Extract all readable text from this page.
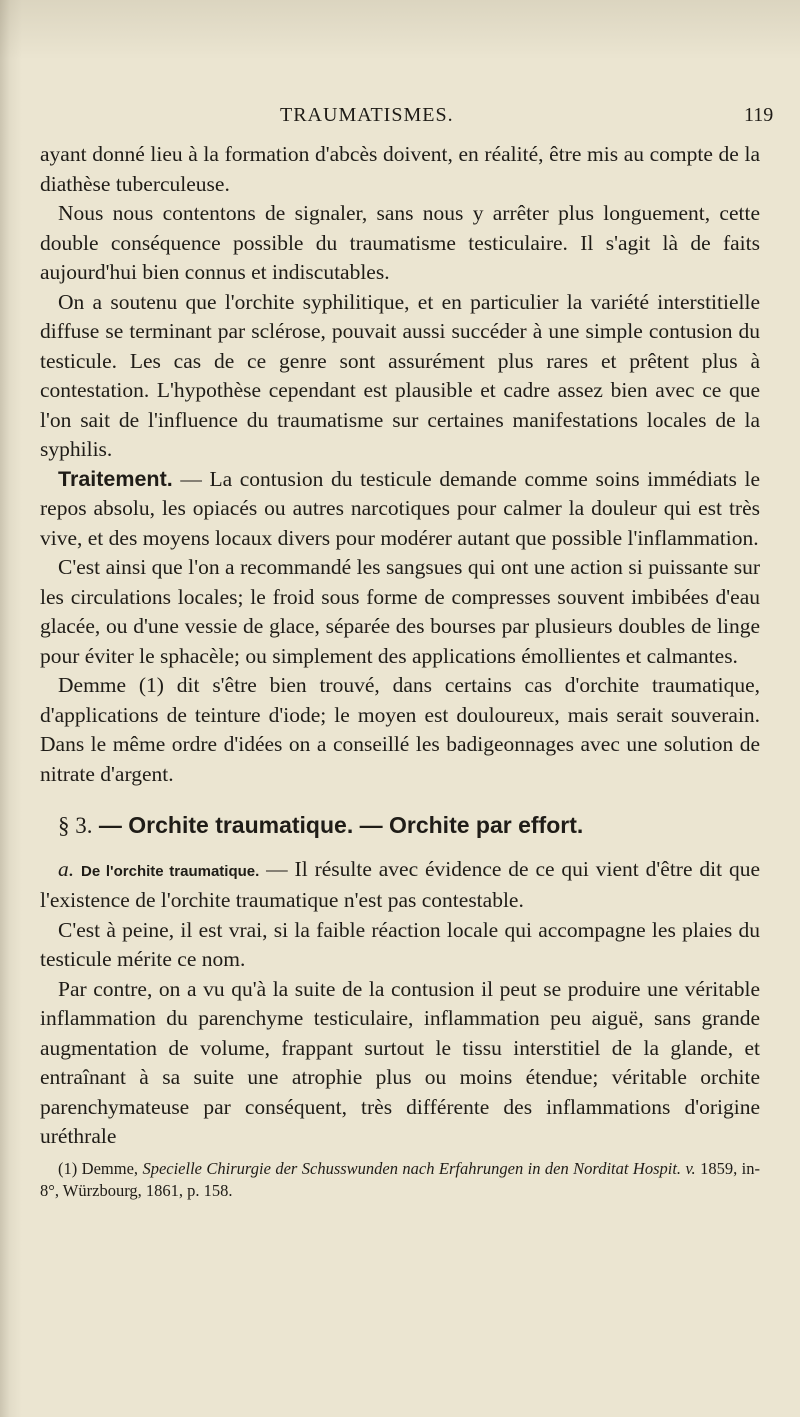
TRAUMATISMES.	119

ayant donné lieu à la formation d'abcès doivent, en réalité, être mis au compte de la diathèse tuberculeuse.

Nous nous contentons de signaler, sans nous y arrêter plus longuement, cette double conséquence possible du traumatisme testiculaire. Il s'agit là de faits aujourd'hui bien connus et indiscutables.

On a soutenu que l'orchite syphilitique, et en particulier la variété interstitielle diffuse se terminant par sclérose, pouvait aussi succéder à une simple contusion du testicule. Les cas de ce genre sont assurément plus rares et prêtent plus à contestation. L'hypothèse cependant est plausible et cadre assez bien avec ce que l'on sait de l'influence du traumatisme sur certaines manifestations locales de la syphilis.

Traitement. — La contusion du testicule demande comme soins immédiats le repos absolu, les opiacés ou autres narcotiques pour calmer la douleur qui est très vive, et des moyens locaux divers pour modérer autant que possible l'inflammation.

C'est ainsi que l'on a recommandé les sangsues qui ont une action si puissante sur les circulations locales; le froid sous forme de compresses souvent imbibées d'eau glacée, ou d'une vessie de glace, séparée des bourses par plusieurs doubles de linge pour éviter le sphacèle; ou simplement des applications émollientes et calmantes.

Demme (1) dit s'être bien trouvé, dans certains cas d'orchite traumatique, d'applications de teinture d'iode; le moyen est douloureux, mais serait souverain. Dans le même ordre d'idées on a conseillé les badigeonnages avec une solution de nitrate d'argent.

§ 3. — Orchite traumatique. — Orchite par effort.

a. De l'orchite traumatique. — Il résulte avec évidence de ce qui vient d'être dit que l'existence de l'orchite traumatique n'est pas contestable.

C'est à peine, il est vrai, si la faible réaction locale qui accompagne les plaies du testicule mérite ce nom.

Par contre, on a vu qu'à la suite de la contusion il peut se produire une véritable inflammation du parenchyme testiculaire, inflammation peu aiguë, sans grande augmentation de volume, frappant surtout le tissu interstitiel de la glande, et entraînant à sa suite une atrophie plus ou moins étendue; véritable orchite parenchymateuse par conséquent, très différente des inflammations d'origine uréthrale

(1) Demme, Specielle Chirurgie der Schusswunden nach Erfahrungen in den Norditat Hospit. v. 1859, in-8°, Würzbourg, 1861, p. 158.
